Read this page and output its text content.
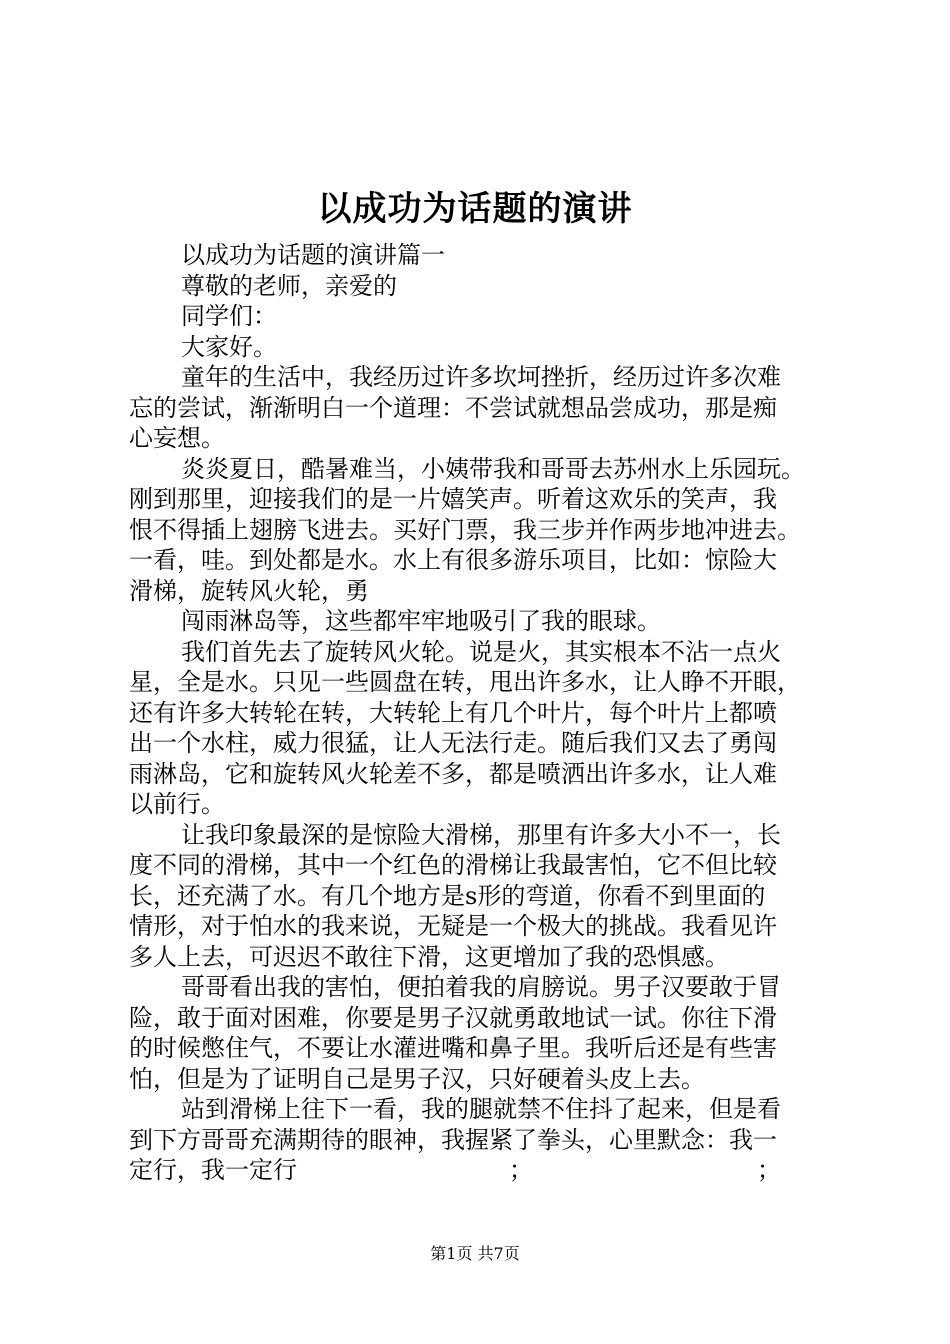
以成功为话题的演讲
以成功为话题的演讲篇一
尊敬的老师，亲爱的
同学们：
大家好。
童年的生活中，我经历过许多坎坷挫折，经历过许多次难
忘的尝试，渐渐明白一个道理：不尝试就想品尝成功，那是痴
心妄想。
炎炎夏日，酷暑难当，小姨带我和哥哥去苏州水上乐园玩。
刚到那里，迎接我们的是一片嬉笑声。听着这欢乐的笑声，我
恨不得插上翅膀飞进去。买好门票，我三步并作两步地冲进去。
一看，哇。到处都是水。水上有很多游乐项目，比如：惊险大
滑梯，旋转风火轮，勇
闯雨淋岛等，这些都牢牢地吸引了我的眼球。
我们首先去了旋转风火轮。说是火，其实根本不沾一点火
星，全是水。只见一些圆盘在转，甩出许多水，让人睁不开眼，
还有许多大转轮在转，大转轮上有几个叶片，每个叶片上都喷
出一个水柱，威力很猛，让人无法行走。随后我们又去了勇闯
雨淋岛，它和旋转风火轮差不多，都是喷洒出许多水，让人难
以前行。
让我印象最深的是惊险大滑梯，那里有许多大小不一，长
度不同的滑梯，其中一个红色的滑梯让我最害怕，它不但比较
长，还充满了水。有几个地方是s形的弯道，你看不到里面的
情形，对于怕水的我来说，无疑是一个极大的挑战。我看见许
多人上去，可迟迟不敢往下滑，这更增加了我的恐惧感。
哥哥看出我的害怕，便拍着我的肩膀说。男子汉要敢于冒
险，敢于面对困难，你要是男子汉就勇敢地试一试。你往下滑
的时候憋住气，不要让水灌进嘴和鼻子里。我听后还是有些害
怕，但是为了证明自己是男子汉，只好硬着头皮上去。
站到滑梯上往下一看，我的腿就禁不住抖了起来，但是看
到下方哥哥充满期待的眼神，我握紧了拳头，心里默念：我一
定行，我一定行	；	；
第1页 共7页
